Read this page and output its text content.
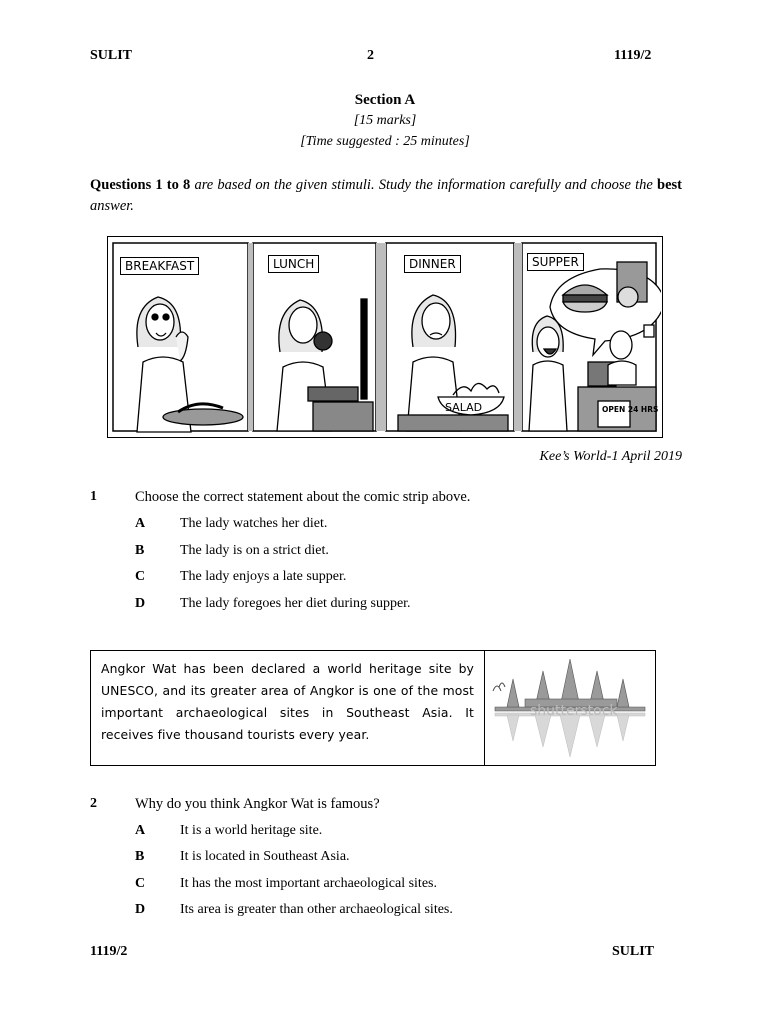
SULIT	2	1119/2
Section A
[15 marks]
[Time suggested : 25 minutes]
Questions 1 to 8 are based on the given stimuli. Study the information carefully and choose the best answer.
SALAD	OPEN 24 HRS
BREAKFAST	LUNCH	DINNER	SUPPER
Kee’s World-1 April 2019
1	Choose the correct statement about the comic strip above.
A The lady watches her diet.
B	The lady is on a strict diet.
C The lady enjoys a late supper.
D The lady foregoes her diet during supper.
Angkor Wat has been declared a world heritage site by UNESCO, and its greater area of Angkor is one of the most important archaeological sites in Southeast Asia. It receives five thousand tourists every year.
shutterstock
2	Why do you think Angkor Wat is famous?
A It is a world heritage site.
B	It is located in Southeast Asia.
C It has the most important archaeological sites.
D Its area is greater than other archaeological sites.
1119/2	SULIT
